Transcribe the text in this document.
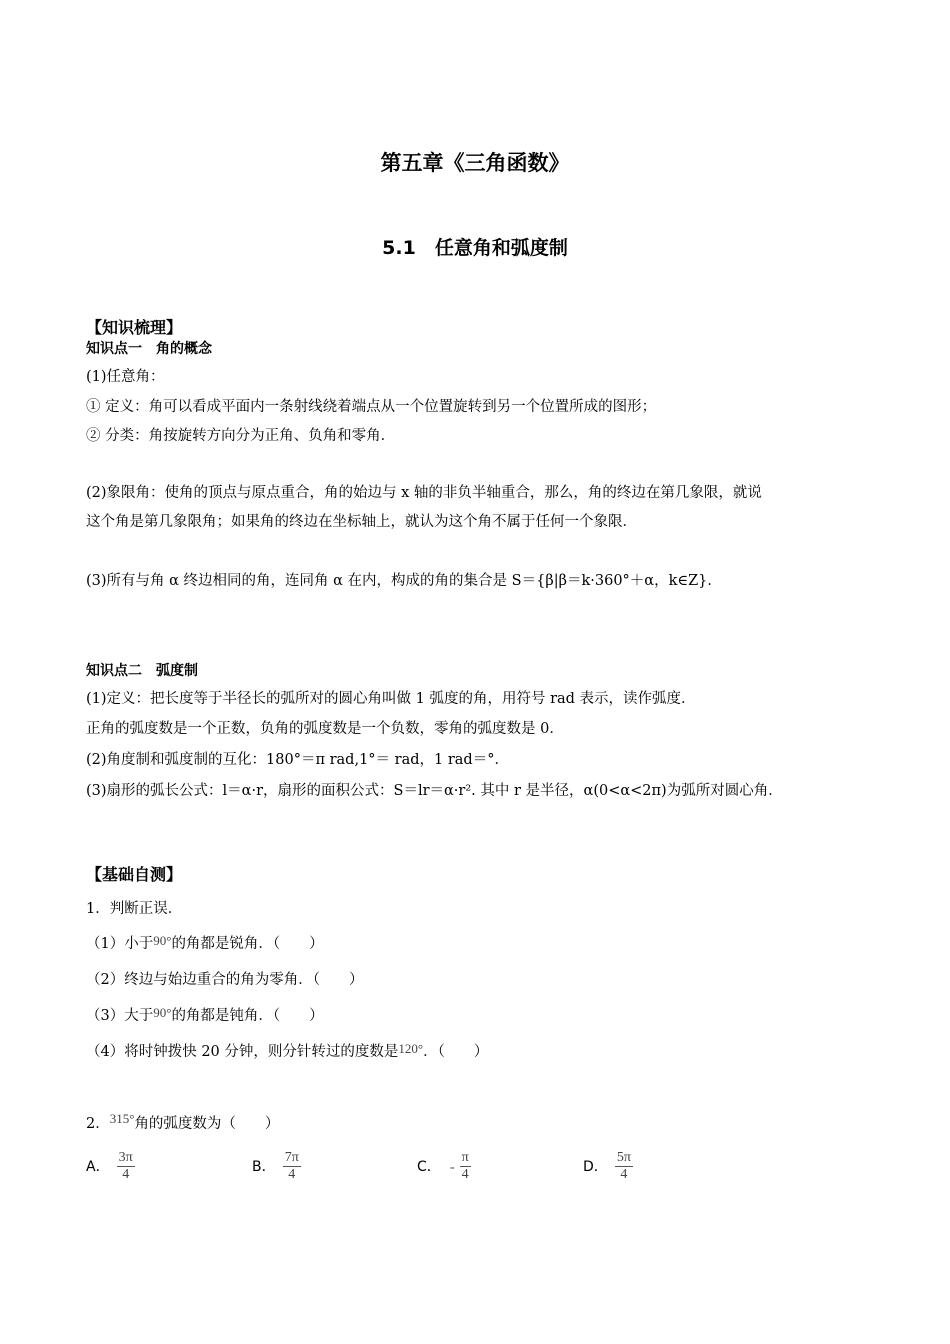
第五章《三角函数》
5.1　任意角和弧度制
【知识梳理】
知识点一　角的概念
(1)任意角：
① 定义：角可以看成平面内一条射线绕着端点从一个位置旋转到另一个位置所成的图形；
② 分类：角按旋转方向分为正角、负角和零角．
(2)象限角：使角的顶点与原点重合，角的始边与 x 轴的非负半轴重合，那么，角的终边在第几象限，就说
这个角是第几象限角；如果角的终边在坐标轴上，就认为这个角不属于任何一个象限．
(3)所有与角 α 终边相同的角，连同角 α 在内，构成的角的集合是 S＝{β|β＝k·360°＋α，k∈Z}．
知识点二　弧度制
(1)定义：把长度等于半径长的弧所对的圆心角叫做 1 弧度的角，用符号 rad 表示，读作弧度．
正角的弧度数是一个正数，负角的弧度数是一个负数，零角的弧度数是 0．
(2)角度制和弧度制的互化：180°＝π rad,1°＝ rad，1 rad＝°．
(3)扇形的弧长公式：l＝α·r，扇形的面积公式：S＝lr＝α·r². 其中 r 是半径，α(0<α<2π)为弧所对圆心角．
【基础自测】
1．判断正误．
（1）小于90°的角都是锐角．（　　）
（2）终边与始边重合的角为零角．（　　）
（3）大于90°的角都是钝角．（　　）
（4）将时钟拨快 20 分钟，则分针转过的度数是120°．（　　）
2．315°角的弧度数为（　　）
A． $\frac{3\pi}{4}$	B． $\frac{7\pi}{4}$	C． - $\frac{\pi}{4}$	D． $\frac{5\pi}{4}$
